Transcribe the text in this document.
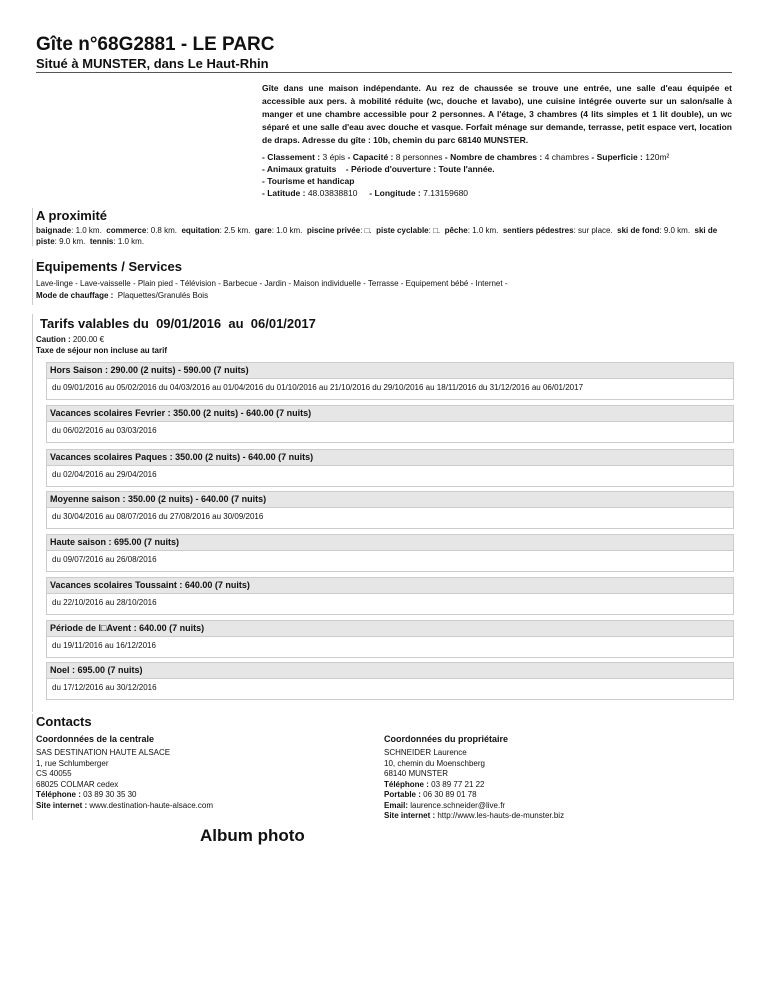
Gîte n°68G2881 - LE PARC
Situé à MUNSTER, dans Le Haut-Rhin
Gîte dans une maison indépendante. Au rez de chaussée se trouve une entrée, une salle d'eau équipée et accessible aux pers. à mobilité réduite (wc, douche et lavabo), une cuisine intégrée ouverte sur un salon/salle à manger et une chambre accessible pour 2 personnes. A l'étage, 3 chambres (4 lits simples et 1 lit double), un wc séparé et une salle d'eau avec douche et vasque. Forfait ménage sur demande, terrasse, petit espace vert, location de draps. Adresse du gîte : 10b, chemin du parc 68140 MUNSTER.
- Classement : 3 épis - Capacité : 8 personnes - Nombre de chambres : 4 chambres - Superficie : 120m²
- Animaux gratuits - Période d'ouverture : Toute l'année.
- Tourisme et handicap
- Latitude : 48.03838810 - Longitude : 7.13159680
A proximité
baignade: 1.0 km. commerce: 0.8 km. equitation: 2.5 km. gare: 1.0 km. piscine privée: □. piste cyclable: □. pêche: 1.0 km. sentiers pédestres: sur place. ski de fond: 9.0 km. ski de piste: 9.0 km. tennis: 1.0 km.
Equipements / Services
Lave-linge - Lave-vaisselle - Plain pied - Télévision - Barbecue - Jardin - Maison individuelle - Terrasse - Equipement bébé - Internet -
Mode de chauffage : Plaquettes/Granulés Bois
Tarifs valables du  09/01/2016  au  06/01/2017
Caution : 200.00 €
Taxe de séjour non incluse au tarif
Hors Saison : 290.00 (2 nuits) - 590.00 (7 nuits)
du 09/01/2016 au 05/02/2016 du 04/03/2016 au 01/04/2016 du 01/10/2016 au 21/10/2016 du 29/10/2016 au 18/11/2016 du 31/12/2016 au 06/01/2017
Vacances scolaires Fevrier : 350.00 (2 nuits) - 640.00 (7 nuits)
du 06/02/2016 au 03/03/2016
Vacances scolaires Paques : 350.00 (2 nuits) - 640.00 (7 nuits)
du 02/04/2016 au 29/04/2016
Moyenne saison : 350.00 (2 nuits) - 640.00 (7 nuits)
du 30/04/2016 au 08/07/2016 du 27/08/2016 au 30/09/2016
Haute saison : 695.00 (7 nuits)
du 09/07/2016 au 26/08/2016
Vacances scolaires Toussaint : 640.00 (7 nuits)
du 22/10/2016 au 28/10/2016
Période de l□Avent : 640.00 (7 nuits)
du 19/11/2016 au 16/12/2016
Noel : 695.00 (7 nuits)
du 17/12/2016 au 30/12/2016
Contacts
Coordonnées de la centrale
SAS DESTINATION HAUTE ALSACE
1, rue Schlumberger
CS 40055
68025 COLMAR cedex
Téléphone : 03 89 30 35 30
Site internet : www.destination-haute-alsace.com
Coordonnées du propriétaire
SCHNEIDER Laurence
10, chemin du Moenschberg
68140 MUNSTER
Téléphone : 03 89 77 21 22
Portable : 06 30 89 01 78
Email: laurence.schneider@live.fr
Site internet : http://www.les-hauts-de-munster.biz
Album photo
